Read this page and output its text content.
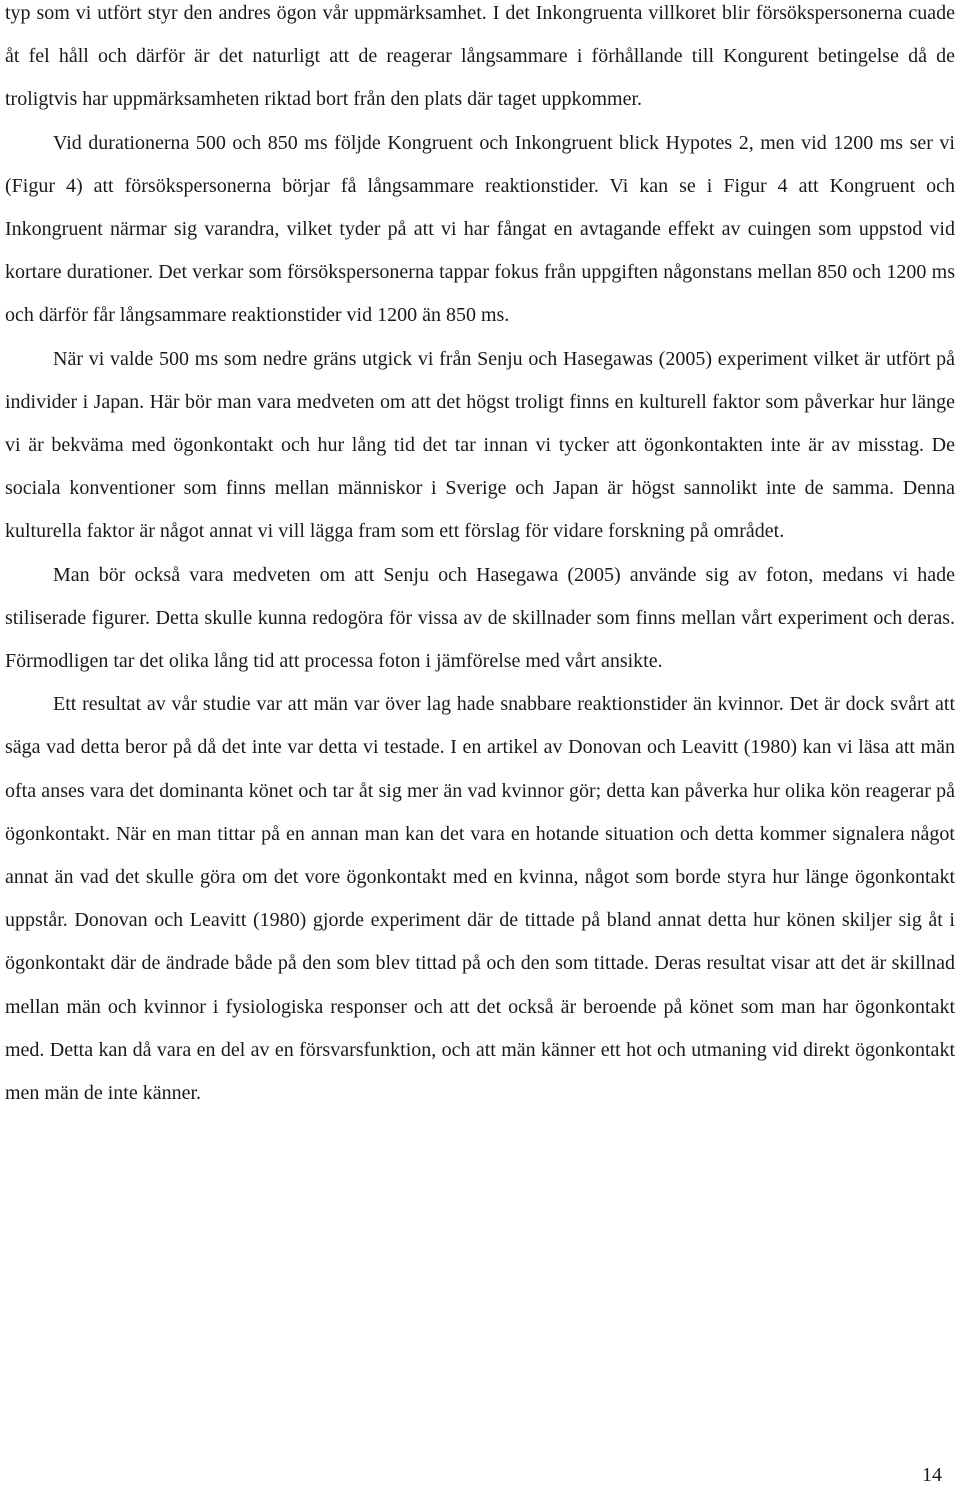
typ som vi utfört styr den andres ögon vår uppmärksamhet. I det Inkongruenta villkoret blir försökspersonerna cuade åt fel håll och därför är det naturligt att de reagerar långsammare i förhållande till Kongurent betingelse då de troligtvis har uppmärksamheten riktad bort från den plats där taget uppkommer.

Vid durationerna 500 och 850 ms följde Kongruent och Inkongruent blick Hypotes 2, men vid 1200 ms ser vi (Figur 4) att försökspersonerna börjar få långsammare reaktionstider. Vi kan se i Figur 4 att Kongruent och Inkongruent närmar sig varandra, vilket tyder på att vi har fångat en avtagande effekt av cuingen som uppstod vid kortare durationer. Det verkar som försökspersonerna tappar fokus från uppgiften någonstans mellan 850 och 1200 ms och därför får långsammare reaktionstider vid 1200 än 850 ms.

När vi valde 500 ms som nedre gräns utgick vi från Senju och Hasegawas (2005) experiment vilket är utfört på individer i Japan. Här bör man vara medveten om att det högst troligt finns en kulturell faktor som påverkar hur länge vi är bekväma med ögonkontakt och hur lång tid det tar innan vi tycker att ögonkontakten inte är av misstag. De sociala konventioner som finns mellan människor i Sverige och Japan är högst sannolikt inte de samma. Denna kulturella faktor är något annat vi vill lägga fram som ett förslag för vidare forskning på området.

Man bör också vara medveten om att Senju och Hasegawa (2005) använde sig av foton, medans vi hade stiliserade figurer. Detta skulle kunna redogöra för vissa av de skillnader som finns mellan vårt experiment och deras. Förmodligen tar det olika lång tid att processa foton i jämförelse med vårt ansikte.

Ett resultat av vår studie var att män var över lag hade snabbare reaktionstider än kvinnor. Det är dock svårt att säga vad detta beror på då det inte var detta vi testade. I en artikel av Donovan och Leavitt (1980) kan vi läsa att män ofta anses vara det dominanta könet och tar åt sig mer än vad kvinnor gör; detta kan påverka hur olika kön reagerar på ögonkontakt. När en man tittar på en annan man kan det vara en hotande situation och detta kommer signalera något annat än vad det skulle göra om det vore ögonkontakt med en kvinna, något som borde styra hur länge ögonkontakt uppstår. Donovan och Leavitt (1980) gjorde experiment där de tittade på bland annat detta hur könen skiljer sig åt i ögonkontakt där de ändrade både på den som blev tittad på och den som tittade. Deras resultat visar att det är skillnad mellan män och kvinnor i fysiologiska responser och att det också är beroende på könet som man har ögonkontakt med. Detta kan då vara en del av en försvarsfunktion, och att män känner ett hot och utmaning vid direkt ögonkontakt men män de inte känner.

14
